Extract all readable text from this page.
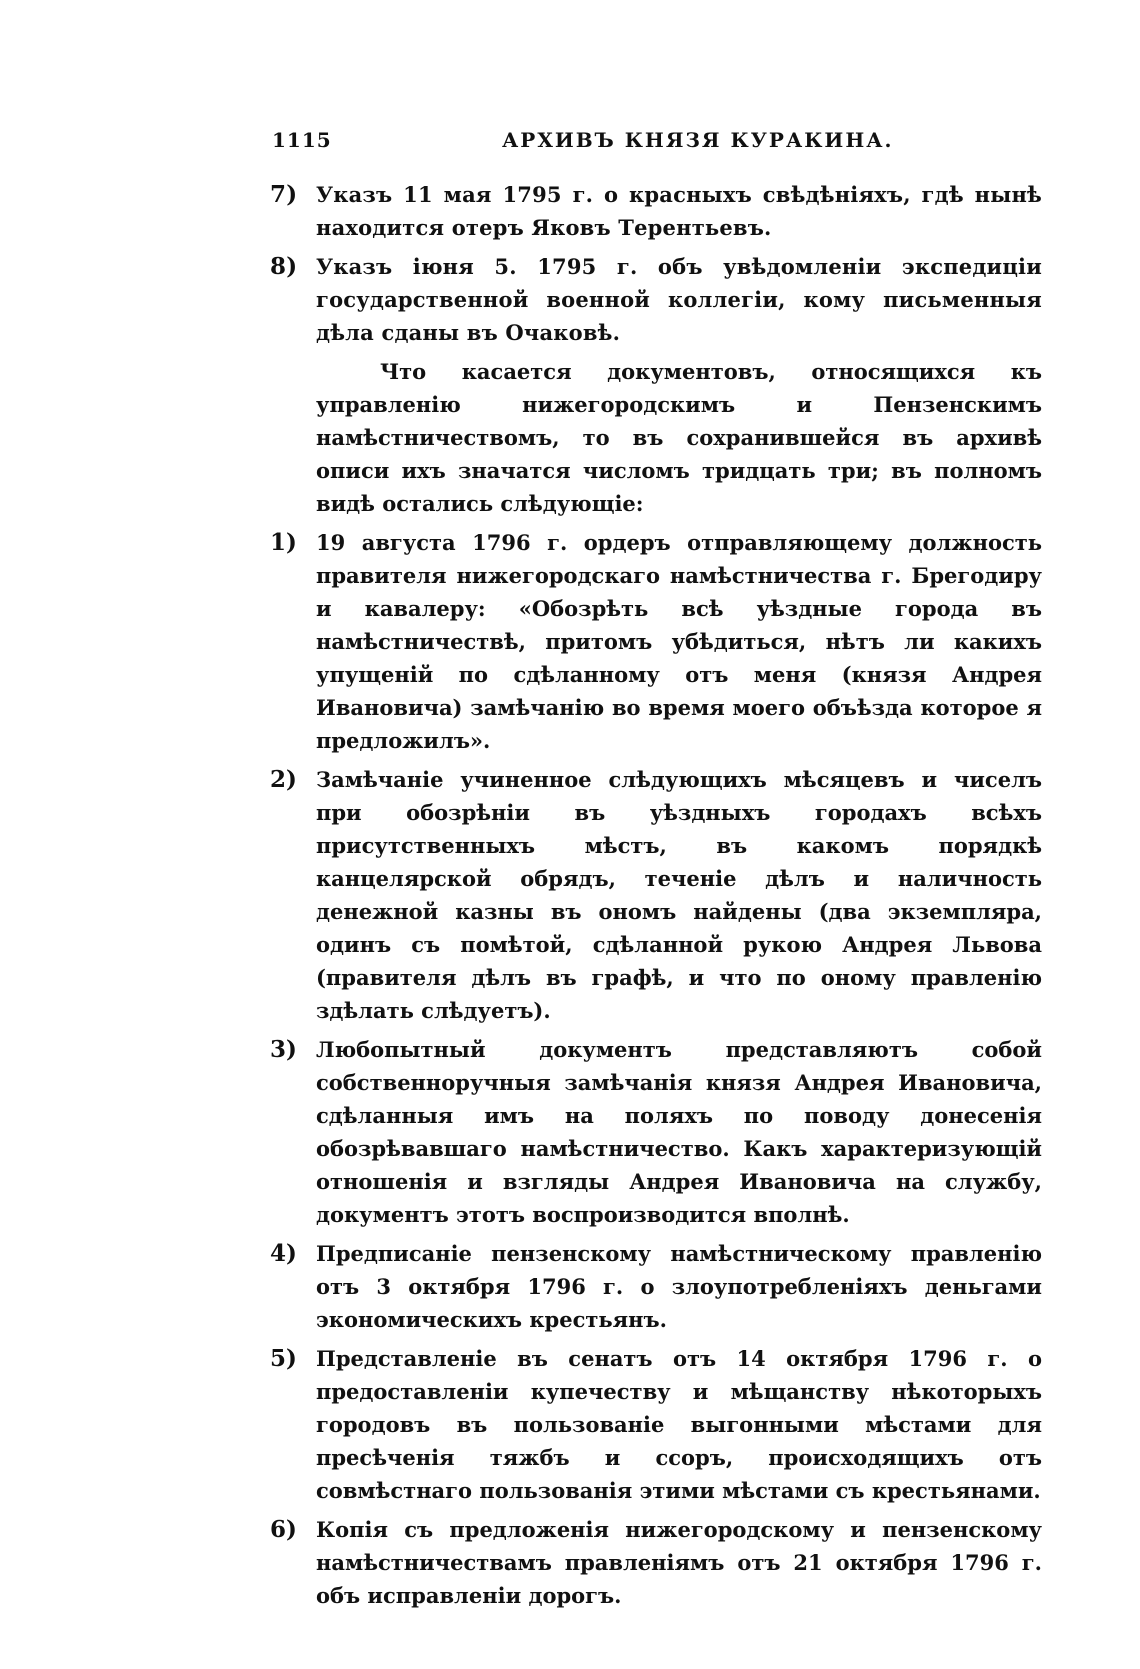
1115	АРХИВЪ КНЯЗЯ КУРАКИНА.
7) Указъ 11 мая 1795 г. о красныхъ свѣдѣніяхъ, гдѣ нынѣ находится отеръ Яковъ Терентьевъ.
8) Указъ іюня 5. 1795 г. объ увѣдомленіи экспедиціи государственной военной коллегіи, кому письменныя дѣла сданы въ Очаковѣ.

Что касается документовъ, относящихся къ управленію нижегородскимъ и Пензенскимъ намѣстничествомъ, то въ сохранившейся въ архивѣ описи ихъ значатся числомъ тридцать три; въ полномъ видѣ остались слѣдующіе:

1) 19 августа 1796 г. ордеръ отправляющему должность правителя нижегородскаго намѣстничества г. Брегодиру и кавалеру: «Обозрѣть всѣ уѣздные города въ намѣстничествѣ, притомъ убѣдиться, нѣтъ ли какихъ упущеній по сдѣланному отъ меня (князя Андрея Ивановича) замѣчанію во время моего объѣзда которое я предложилъ».
2) Замѣчаніе учиненное слѣдующихъ мѣсяцевъ и чиселъ при обозрѣніи въ уѣздныхъ городахъ всѣхъ присутственныхъ мѣстъ, въ какомъ порядкѣ канцелярской обрядъ, теченіе дѣлъ и наличность денежной казны въ ономъ найдены (два экземпляра, одинъ съ помѣтой, сдѣланной рукою Андрея Львова (правителя дѣлъ въ графѣ, и что по оному правленію здѣлать слѣдуетъ).
3) Любопытный документъ представляютъ собой собственноручныя замѣчанія князя Андрея Ивановича, сдѣланныя имъ на поляхъ по поводу донесенія обозрѣвавшаго намѣстничество. Какъ характеризующій отношенія и взгляды Андрея Ивановича на службу, документъ этотъ воспроизводится вполнѣ.
4) Предписаніе пензенскому намѣстническому правленію отъ 3 октября 1796 г. о злоупотребленіяхъ деньгами экономическихъ крестьянъ.
5) Представленіе въ сенатъ отъ 14 октября 1796 г. о предоставленіи купечеству и мѣщанству нѣкоторыхъ городовъ въ пользованіе выгонными мѣстами для пресѣченія тяжбъ и ссоръ, происходящихъ отъ совмѣстнаго пользованія этими мѣстами съ крестьянами.
6) Копія съ предложенія нижегородскому и пензенскому намѣстничествамъ правленіямъ отъ 21 октября 1796 г. объ исправленіи дорогъ.
